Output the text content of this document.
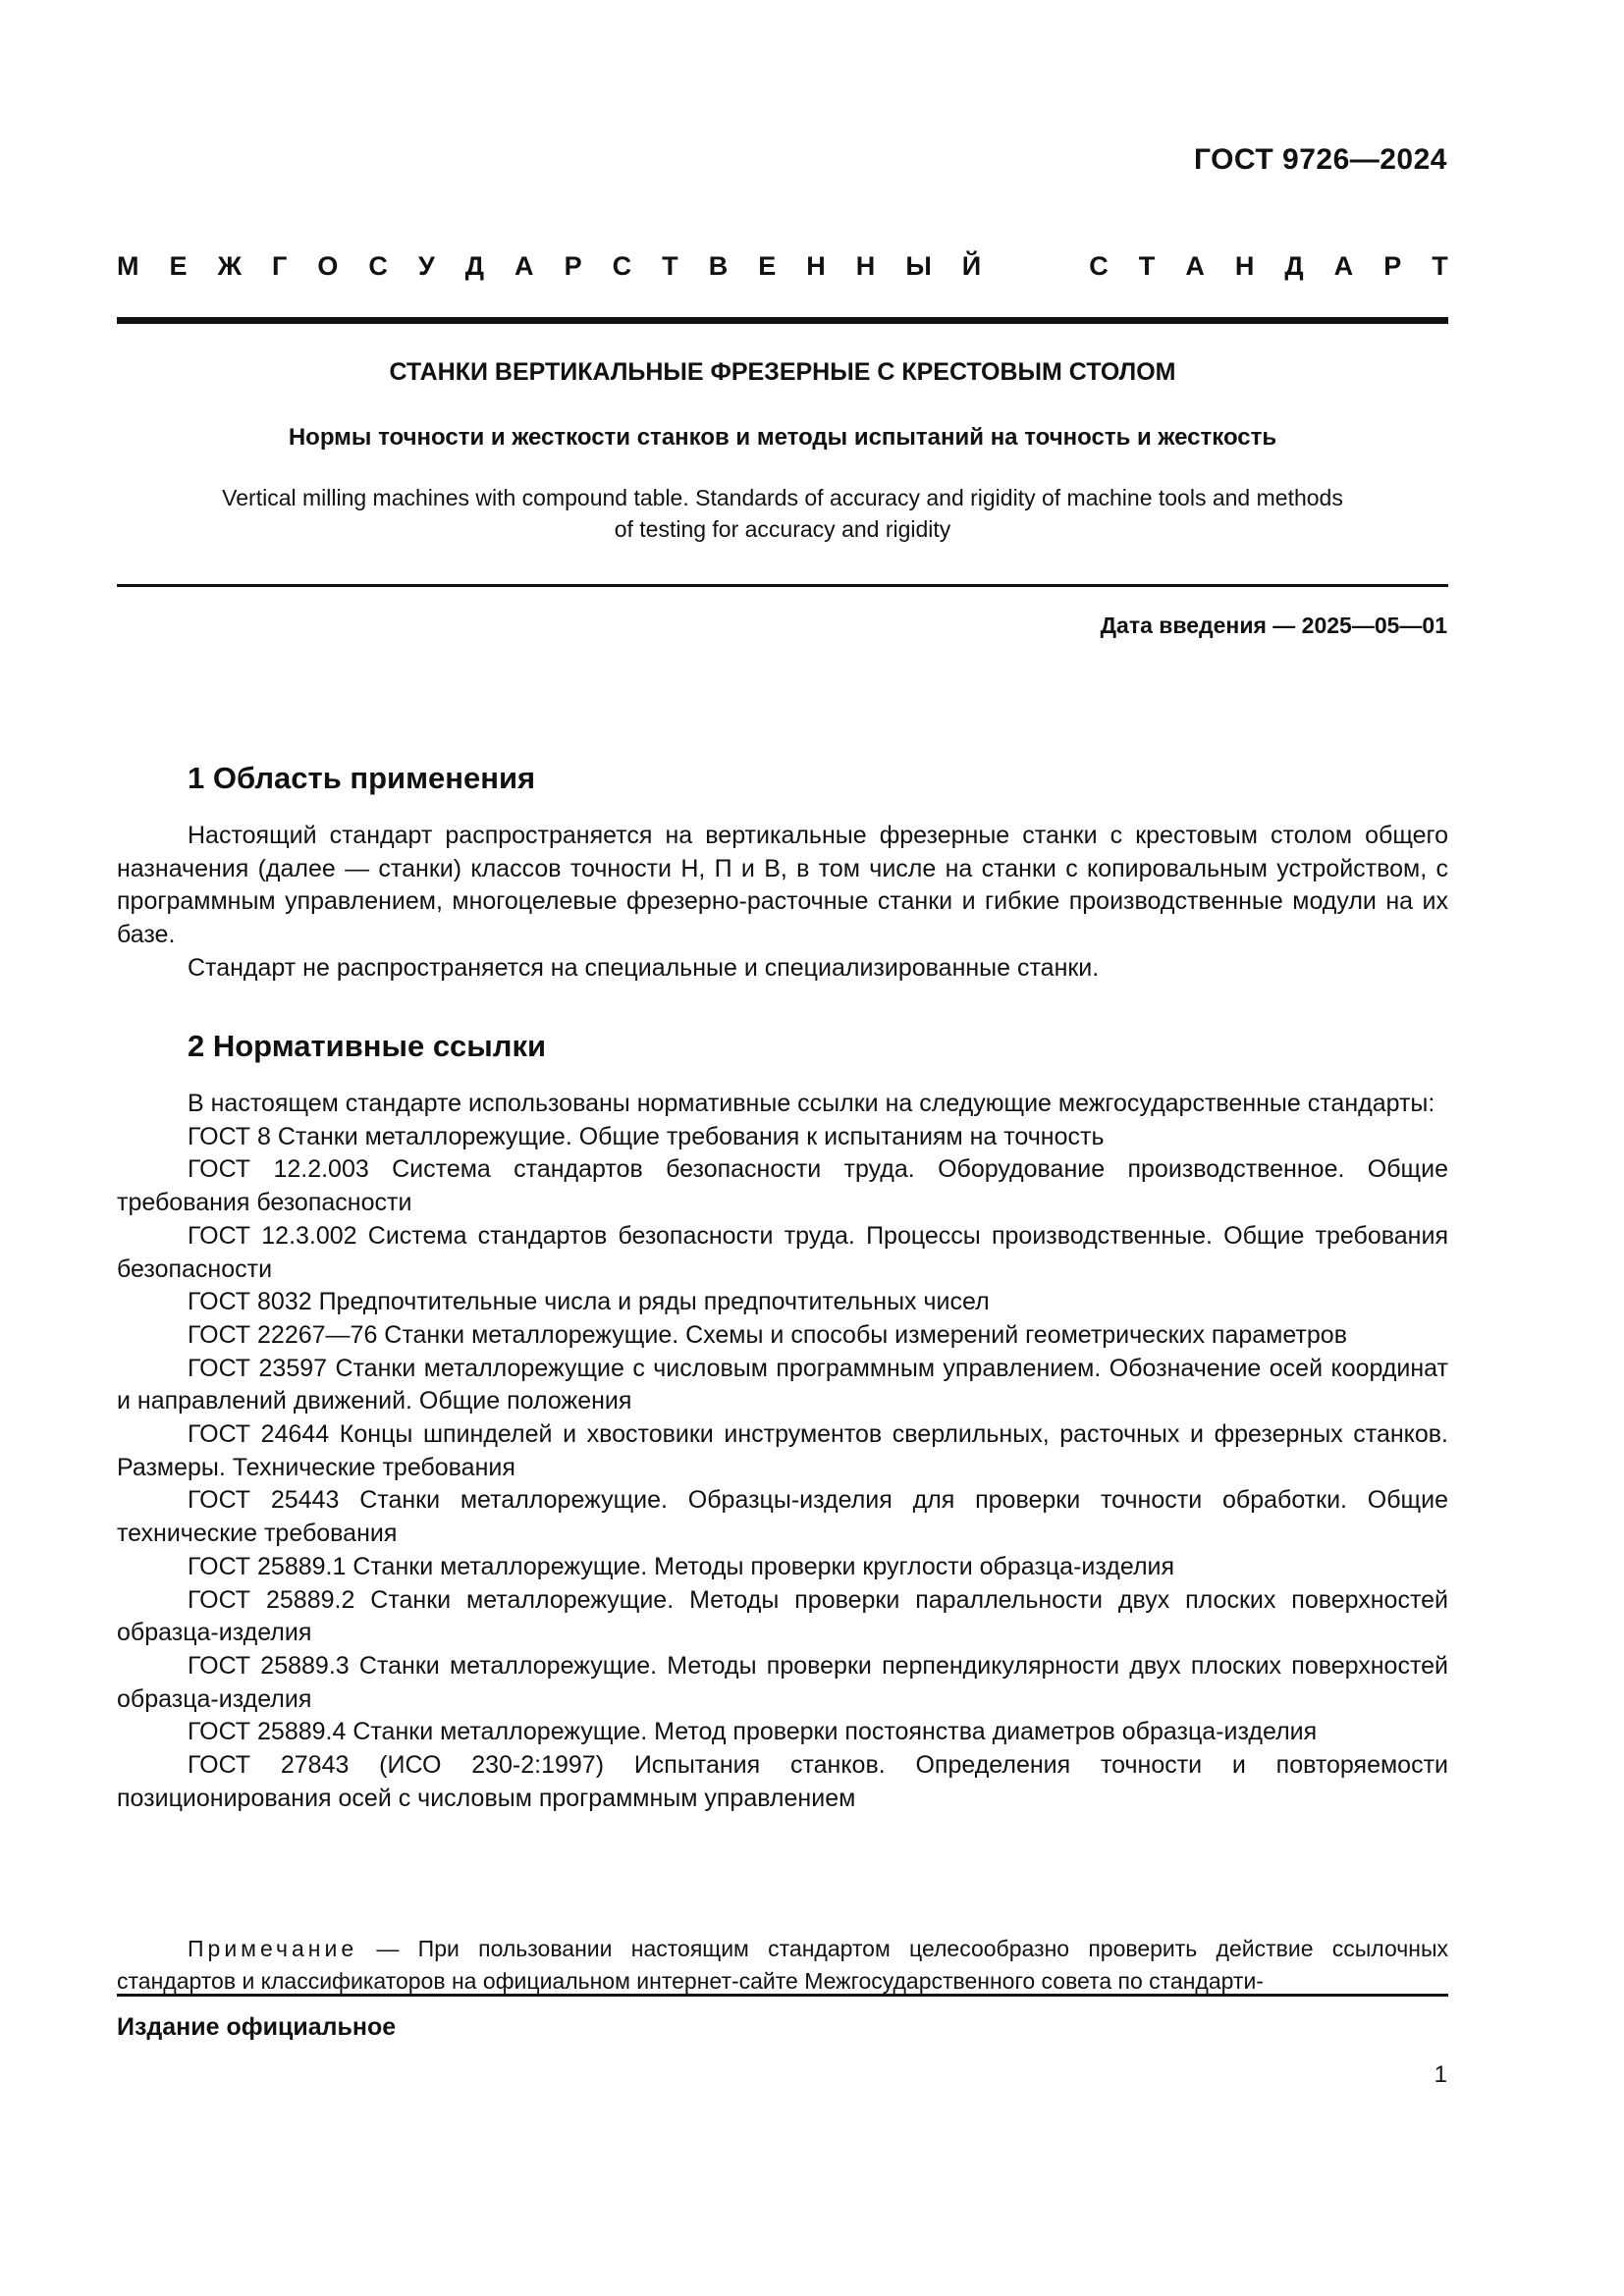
ГОСТ 9726—2024
М Е Ж Г О С У Д А Р С Т В Е Н Н Ы Й	С Т А Н Д А Р Т
СТАНКИ ВЕРТИКАЛЬНЫЕ ФРЕЗЕРНЫЕ С КРЕСТОВЫМ СТОЛОМ
Нормы точности и жесткости станков и методы испытаний на точность и жесткость
Vertical milling machines with compound table. Standards of accuracy and rigidity of machine tools and methods
of testing for accuracy and rigidity
Дата введения — 2025—05—01
1 Область применения

Настоящий стандарт распространяется на вертикальные фрезерные станки с крестовым столом общего назначения (далее — станки) классов точности Н, П и В, в том числе на станки с копировальным устройством, с программным управлением, многоцелевые фрезерно-расточные станки и гибкие производственные модули на их базе.

Стандарт не распространяется на специальные и специализированные станки.

2 Нормативные ссылки

В настоящем стандарте использованы нормативные ссылки на следующие межгосударственные стандарты:

ГОСТ 8 Станки металлорежущие. Общие требования к испытаниям на точность

ГОСТ 12.2.003 Система стандартов безопасности труда. Оборудование производственное. Общие требования безопасности

ГОСТ 12.3.002 Система стандартов безопасности труда. Процессы производственные. Общие требования безопасности

ГОСТ 8032 Предпочтительные числа и ряды предпочтительных чисел

ГОСТ 22267—76 Станки металлорежущие. Схемы и способы измерений геометрических параметров

ГОСТ 23597 Станки металлорежущие с числовым программным управлением. Обозначение осей координат и направлений движений. Общие положения

ГОСТ 24644 Концы шпинделей и хвостовики инструментов сверлильных, расточных и фрезерных станков. Размеры. Технические требования

ГОСТ 25443 Станки металлорежущие. Образцы-изделия для проверки точности обработки. Общие технические требования

ГОСТ 25889.1 Станки металлорежущие. Методы проверки круглости образца-изделия

ГОСТ 25889.2 Станки металлорежущие. Методы проверки параллельности двух плоских поверхностей образца-изделия

ГОСТ 25889.3 Станки металлорежущие. Методы проверки перпендикулярности двух плоских поверхностей образца-изделия

ГОСТ 25889.4 Станки металлорежущие. Метод проверки постоянства диаметров образца-изделия

ГОСТ 27843 (ИСО 230-2:1997) Испытания станков. Определения точности и повторяемости позиционирования осей с числовым программным управлением

Примечание — При пользовании настоящим стандартом целесообразно проверить действие ссылочных стандартов и классификаторов на официальном интернет-сайте Межгосударственного совета по стандарти-
Издание официальное
1
